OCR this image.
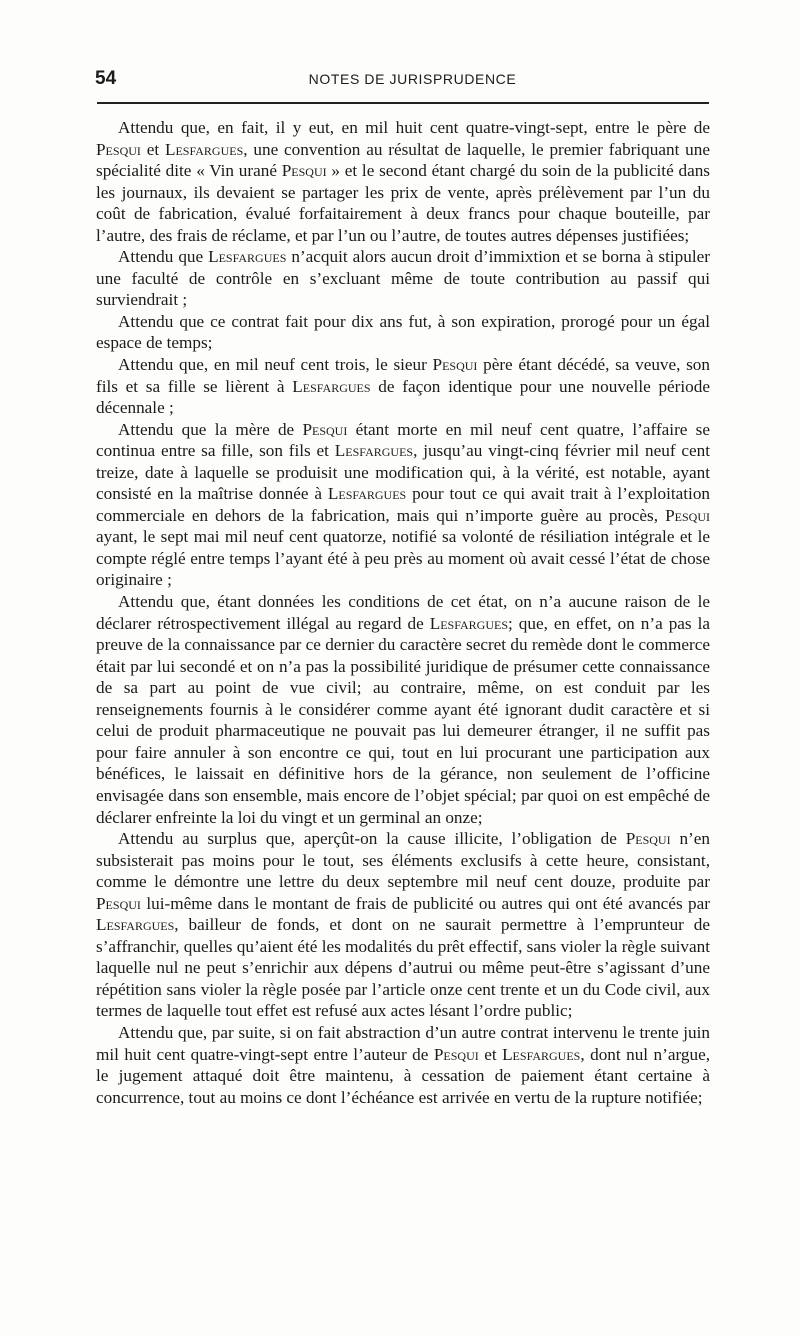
54	NOTES DE JURISPRUDENCE

Attendu que, en fait, il y eut, en mil huit cent quatre-vingt-sept, entre le père de Pesqui et Lesfargues, une convention au résultat de laquelle, le premier fabriquant une spécialité dite « Vin urané Pesqui » et le second étant chargé du soin de la publicité dans les journaux, ils devaient se partager les prix de vente, après prélèvement par l’un du coût de fabrication, évalué forfaitairement à deux francs pour chaque bouteille, par l’autre, des frais de réclame, et par l’un ou l’autre, de toutes autres dépenses justifiées;

Attendu que Lesfargues n’acquit alors aucun droit d’immixtion et se borna à stipuler une faculté de contrôle en s’excluant même de toute contribution au passif qui surviendrait ;

Attendu que ce contrat fait pour dix ans fut, à son expiration, prorogé pour un égal espace de temps;

Attendu que, en mil neuf cent trois, le sieur Pesqui père étant décédé, sa veuve, son fils et sa fille se lièrent à Lesfargues de façon identique pour une nouvelle période décennale ;

Attendu que la mère de Pesqui étant morte en mil neuf cent quatre, l’affaire se continua entre sa fille, son fils et Lesfargues, jusqu’au vingt-cinq février mil neuf cent treize, date à laquelle se produisit une modification qui, à la vérité, est notable, ayant consisté en la maîtrise donnée à Lesfargues pour tout ce qui avait trait à l’exploitation commerciale en dehors de la fabrication, mais qui n’importe guère au procès, Pesqui ayant, le sept mai mil neuf cent quatorze, notifié sa volonté de résiliation intégrale et le compte réglé entre temps l’ayant été à peu près au moment où avait cessé l’état de chose originaire ;

Attendu que, étant données les conditions de cet état, on n’a aucune raison de le déclarer rétrospectivement illégal au regard de Lesfargues; que, en effet, on n’a pas la preuve de la connaissance par ce dernier du caractère secret du remède dont le commerce était par lui secondé et on n’a pas la possibilité juridique de présumer cette connaissance de sa part au point de vue civil; au contraire, même, on est conduit par les renseignements fournis à le considérer comme ayant été ignorant dudit caractère et si celui de produit pharmaceutique ne pouvait pas lui demeurer étranger, il ne suffit pas pour faire annuler à son encontre ce qui, tout en lui procurant une participation aux bénéfices, le laissait en définitive hors de la gérance, non seulement de l’officine envisagée dans son ensemble, mais encore de l’objet spécial; par quoi on est empêché de déclarer enfreinte la loi du vingt et un germinal an onze;

Attendu au surplus que, aperçût-on la cause illicite, l’obligation de Pesqui n’en subsisterait pas moins pour le tout, ses éléments exclusifs à cette heure, consistant, comme le démontre une lettre du deux septembre mil neuf cent douze, produite par Pesqui lui-même dans le montant de frais de publicité ou autres qui ont été avancés par Lesfargues, bailleur de fonds, et dont on ne saurait permettre à l’emprunteur de s’affranchir, quelles qu’aient été les modalités du prêt effectif, sans violer la règle suivant laquelle nul ne peut s’enrichir aux dépens d’autrui ou même peut-être s’agissant d’une répétition sans violer la règle posée par l’article onze cent trente et un du Code civil, aux termes de laquelle tout effet est refusé aux actes lésant l’ordre public;

Attendu que, par suite, si on fait abstraction d’un autre contrat intervenu le trente juin mil huit cent quatre-vingt-sept entre l’auteur de Pesqui et Lesfargues, dont nul n’argue, le jugement attaqué doit être maintenu, à cessation de paiement étant certaine à concurrence, tout au moins ce dont l’échéance est arrivée en vertu de la rupture notifiée;
